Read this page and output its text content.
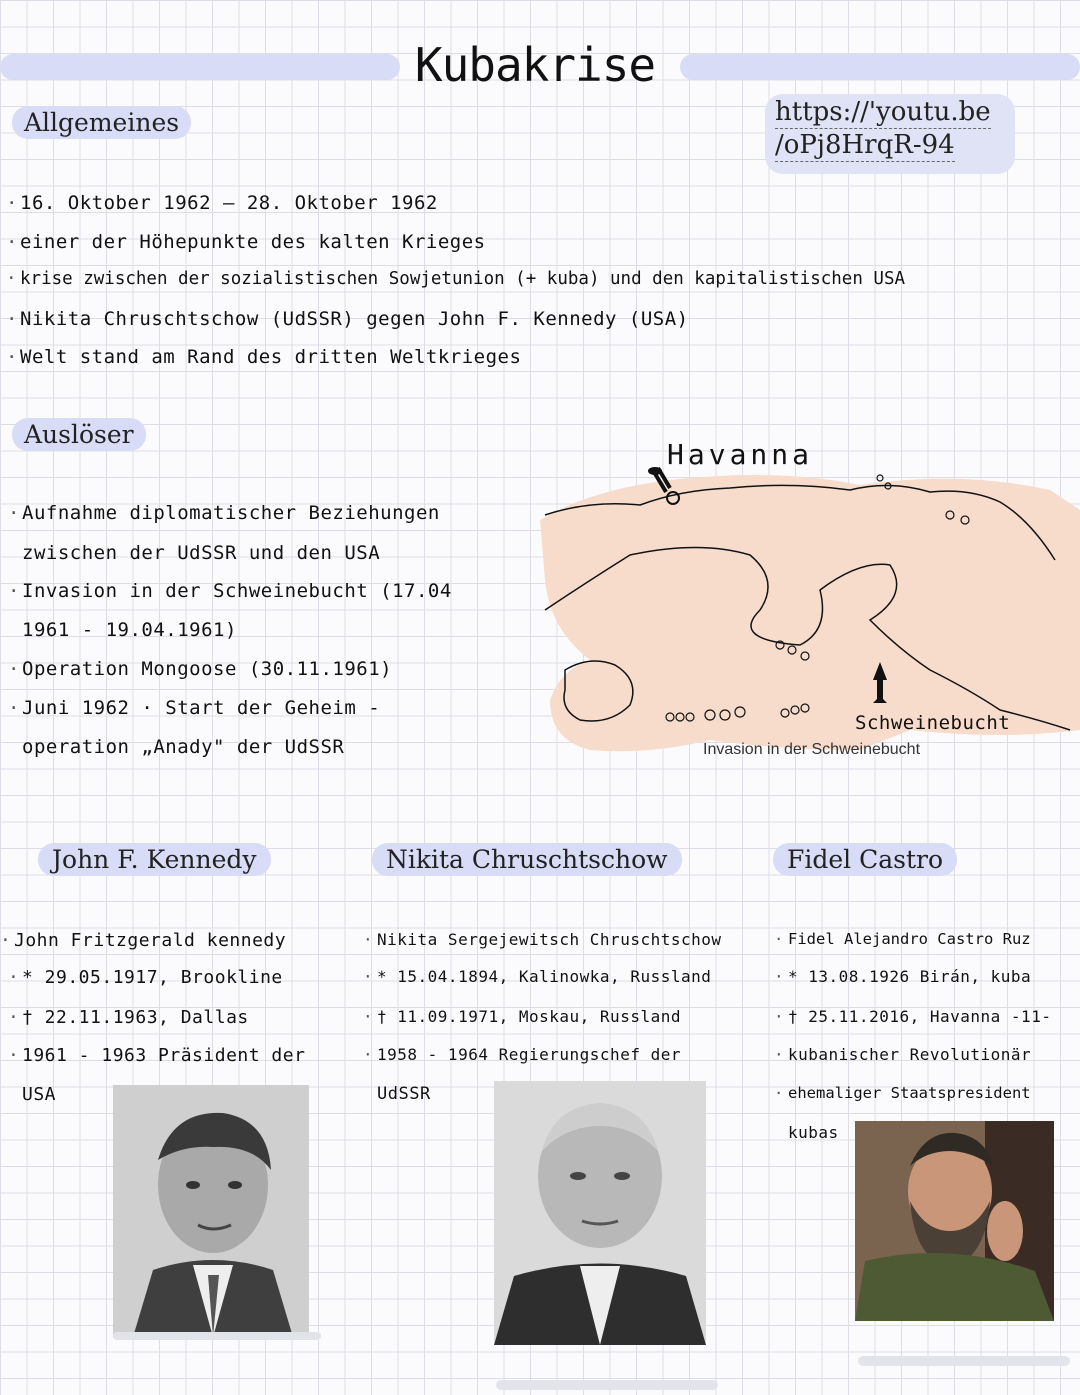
Kubakrise
https://'youtu.be
/oPj8HrqR-94
Allgemeines
· 16. Oktober 1962 – 28. Oktober 1962
· einer der Höhepunkte des kalten Krieges
· krise zwischen der sozialistischen Sowjetunion (+ kuba) und den kapitalistischen USA
· Nikita Chruschtschow (UdSSR) gegen John F. Kennedy (USA)
· Welt stand am Rand des dritten Weltkrieges
Auslöser
· Aufnahme diplomatischer Beziehungen
zwischen der UdSSR und den USA
· Invasion in der Schweinebucht (17.04
1961 - 19.04.1961)
· Operation Mongoose (30.11.1961)
· Juni 1962 · Start der Geheim -
operation „Anady" der UdSSR
Havanna
Schweinebucht
Invasion in der Schweinebucht
John F. Kennedy	Nikita Chruschtschow	Fidel Castro
· John Fritzgerald kennedy
· * 29.05.1917, Brookline
· † 22.11.1963, Dallas
· 1961 - 1963 Präsident der
USA
· Nikita Sergejewitsch Chruschtschow
· * 15.04.1894, Kalinowka, Russland
· † 11.09.1971, Moskau, Russland
· 1958 - 1964 Regierungschef der
UdSSR
· Fidel Alejandro Castro Ruz
· * 13.08.1926 Birán, kuba
· † 25.11.2016, Havanna -11-
· kubanischer Revolutionär
· ehemaliger Staatspresident
kubas
